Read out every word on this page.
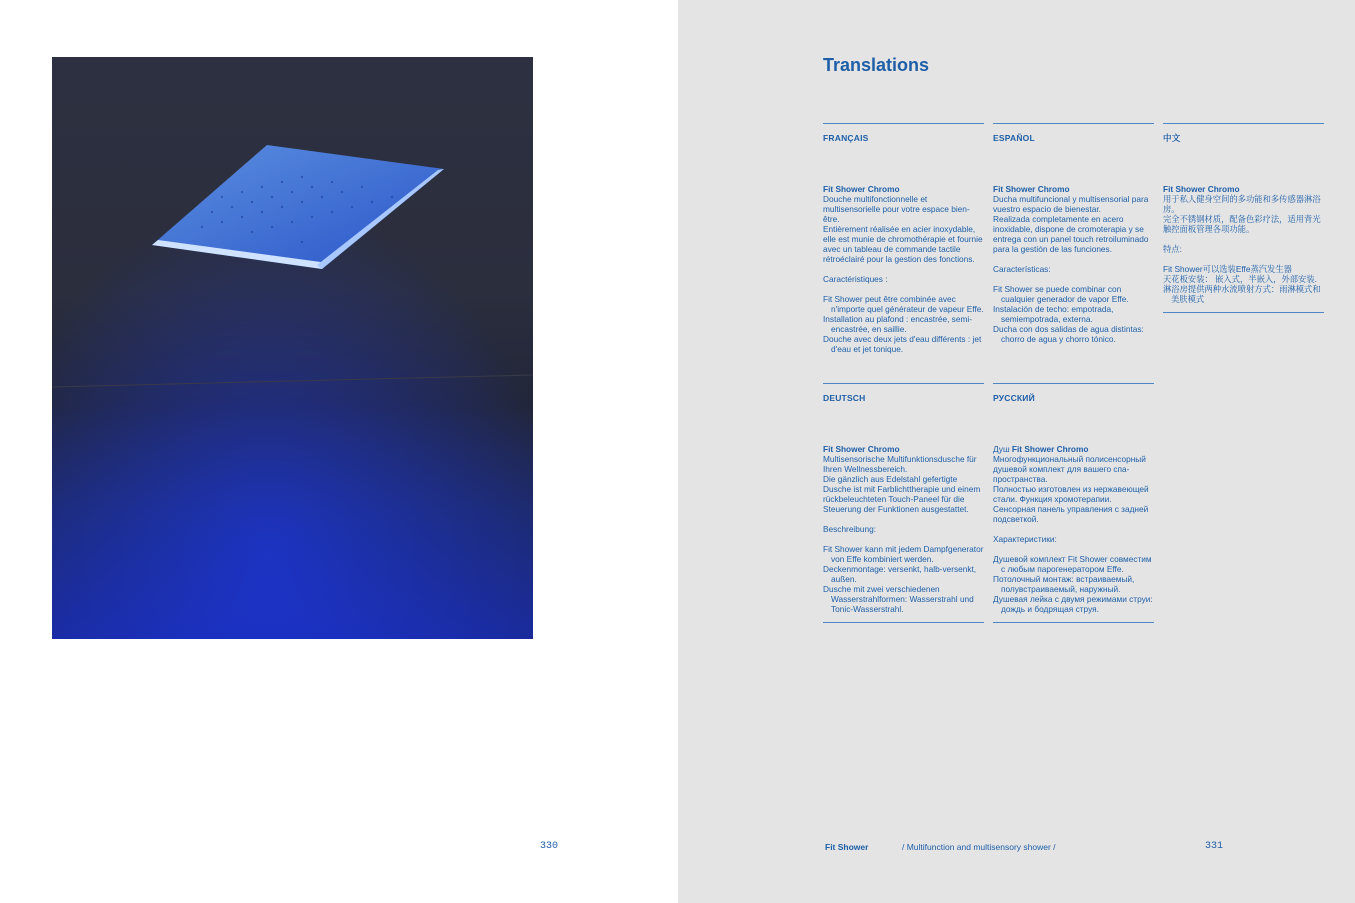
330
Translations
FRANÇAIS
Fit Shower Chromo

Douche multifonctionnelle et multisensorielle pour votre espace bien-être.

Entièrement réalisée en acier inoxydable, elle est munie de chromothérapie et fournie avec un tableau de commande tactile rétroéclairé pour la gestion des fonctions.

Caractéristiques :

Fit Shower peut être combinée avec n'importe quel générateur de vapeur Effe.

Installation au plafond : encastrée, semi-encastrée, en saillie.

Douche avec deux jets d'eau différents : jet d'eau et jet tonique.

ESPAÑOL
Fit Shower Chromo

Ducha multifuncional y multisensorial para vuestro espacio de bienestar.

Realizada completamente en acero inoxidable, dispone de cromoterapia y se entrega con un panel touch retroiluminado para la gestión de las funciones.

Características:

Fit Shower se puede combinar con cualquier generador de vapor Effe.

Instalación de techo: empotrada, semiempotrada, externa.

Ducha con dos salidas de agua distintas: chorro de agua y chorro tónico.

中文
Fit Shower Chromo

用于私人健身空间的多功能和多传感器淋浴房。

完全不锈钢材质，配备色彩疗法，适用背光触控面板管理各项功能。

特点:

Fit Shower可以选装Effe蒸汽发生器

天花板安装： 嵌入式，半嵌入，外部安装.

淋浴房提供两种水流喷射方式：雨淋模式和美肤模式

DEUTSCH
Fit Shower Chromo

Multisensorische Multifunktionsdusche für Ihren Wellnessbereich.

Die gänzlich aus Edelstahl gefertigte Dusche ist mit Farblichttherapie und einem rückbeleuchteten Touch-Paneel für die Steuerung der Funktionen ausgestattet.

Beschreibung:

Fit Shower kann mit jedem Dampfgenerator von Effe kombiniert werden.

Deckenmontage: versenkt, halb-versenkt, außen.

Dusche mit zwei verschiedenen Wasserstrahlformen: Wasserstrahl und Tonic-Wasserstrahl.

РУССКИЙ
Душ Fit Shower Chromo

Многофункциональный полисенсорный душевой комплект для вашего спа-пространства.

Полностью изготовлен из нержавеющей стали. Функция хромотерапии. Сенсорная панель управления с задней подсветкой.

Характеристики:

Душевой комплект Fit Shower совместим с любым парогенератором Effe.

Потолочный монтаж: встраиваемый, полувстраиваемый, наружный.

Душевая лейка с двумя режимами струи: дождь и бодрящая струя.

Fit Shower	/ Multifunction and multisensory shower /	331
